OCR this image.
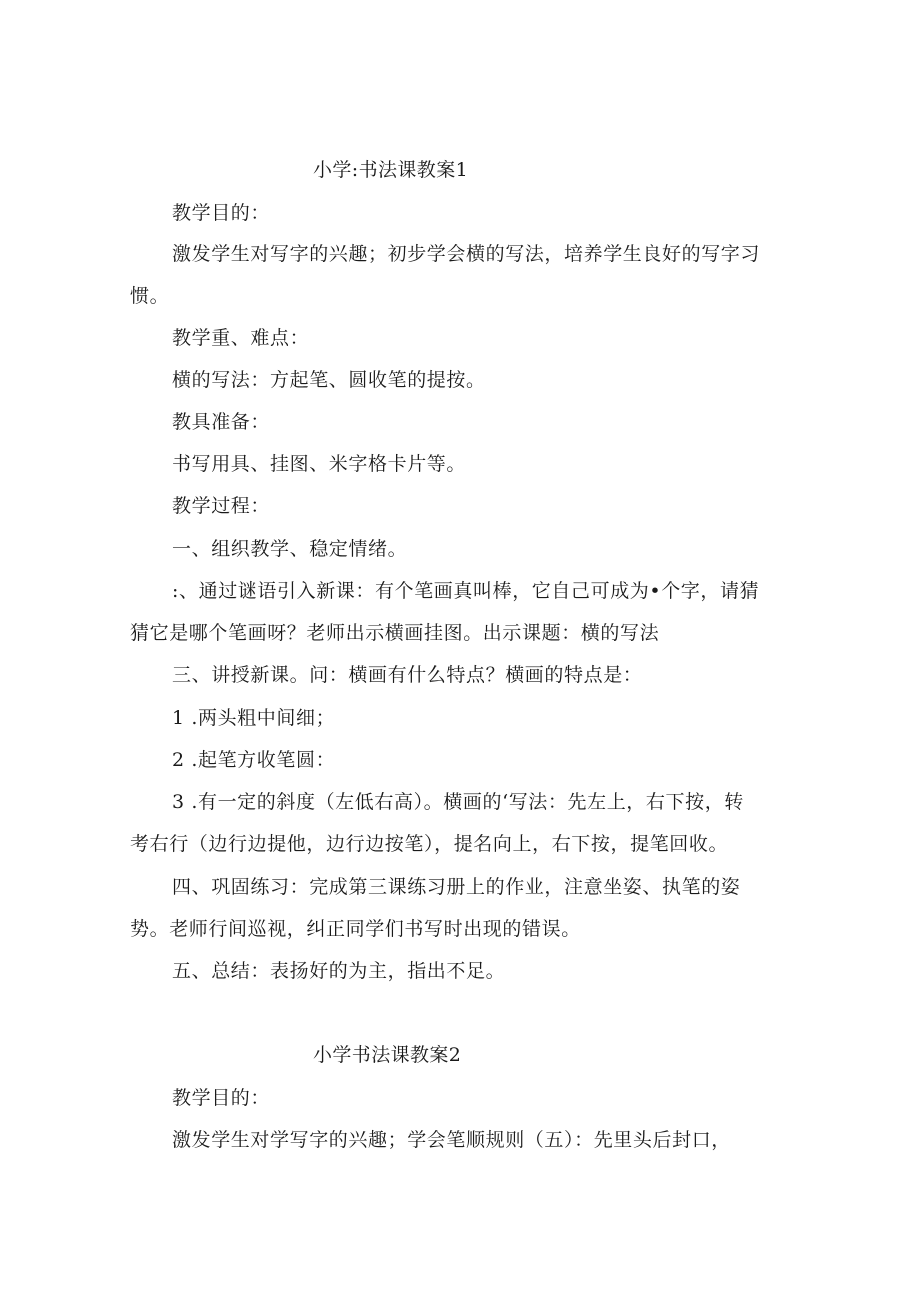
小学:书法课教案1

教学目的：

激发学生对写字的兴趣；初步学会横的写法，培养学生良好的写字习

惯。

教学重、难点：

横的写法：方起笔、圆收笔的提按。

教具准备：

书写用具、挂图、米字格卡片等。

教学过程：

一、组织教学、稳定情绪。

:、通过谜语引入新课：有个笔画真叫棒，它自己可成为•个字，请猜

猜它是哪个笔画呀？老师出示横画挂图。出示课题：横的写法

三、讲授新课。问：横画有什么特点？横画的特点是：

1 .两头粗中间细；

2 .起笔方收笔圆：

3 .有一定的斜度（左低右高）。横画的‘写法：先左上，右下按，转

考右行（边行边提他，边行边按笔），提名向上，右下按，提笔回收。

四、巩固练习：完成第三课练习册上的作业，注意坐姿、执笔的姿

势。老师行间巡视，纠正同学们书写时出现的错误。

五、总结：表扬好的为主，指出不足。

小学书法课教案2

教学目的：

激发学生对学写字的兴趣；学会笔顺规则（五）：先里头后封口，
